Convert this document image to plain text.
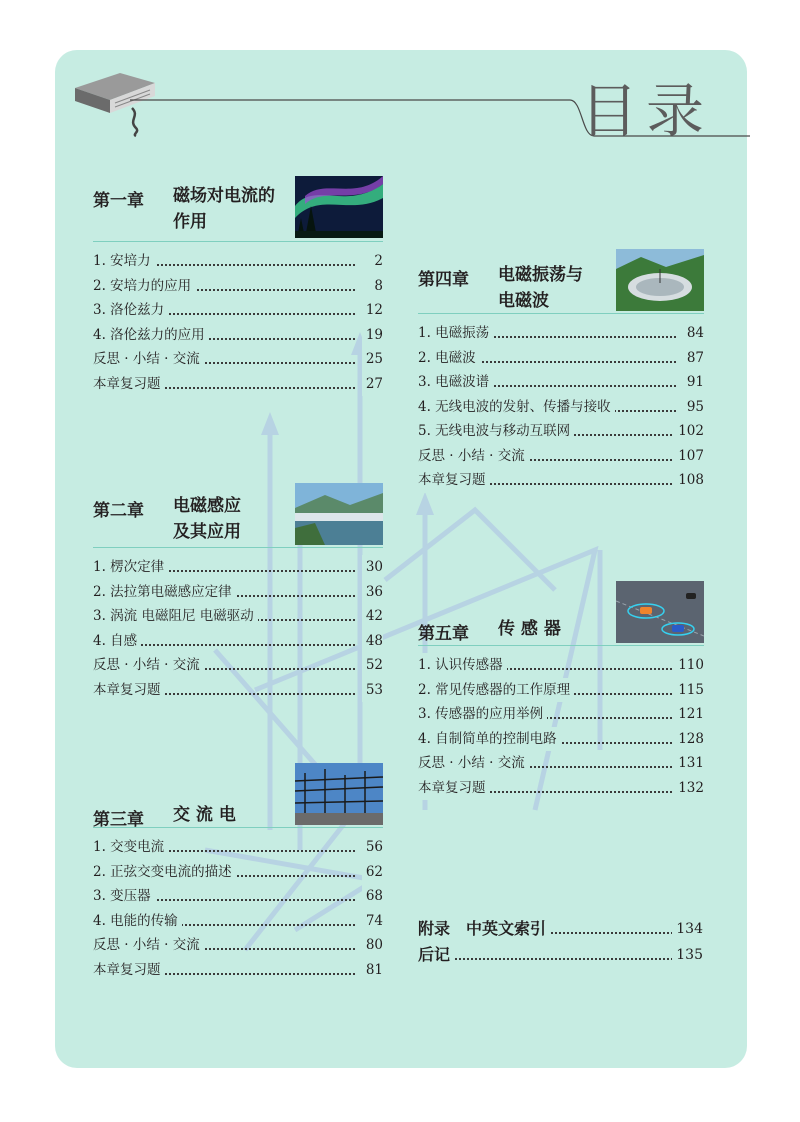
目录
第一章 磁场对电流的
作用
1. 安培力	2
2. 安培力的应用	8
3. 洛伦兹力	12
4. 洛伦兹力的应用	19
反思 · 小结 · 交流	25
本章复习题	27
第二章 电磁感应
及其应用
1. 楞次定律	30
2. 法拉第电磁感应定律	36
3. 涡流 电磁阻尼 电磁驱动	42
4. 自感	48
反思 · 小结 · 交流	52
本章复习题	53
第三章 交 流 电
1. 交变电流	56
2. 正弦交变电流的描述	62
3. 变压器	68
4. 电能的传输	74
反思 · 小结 · 交流	80
本章复习题	81
第四章 电磁振荡与
电磁波
1. 电磁振荡	84
2. 电磁波	87
3. 电磁波谱	91
4. 无线电波的发射、传播与接收	95
5. 无线电波与移动互联网	102
反思 · 小结 · 交流	107
本章复习题	108
第五章 传 感 器
1. 认识传感器	110
2. 常见传感器的工作原理	115
3. 传感器的应用举例	121
4. 自制简单的控制电路	128
反思 · 小结 · 交流	131
本章复习题	132
附录　中英文索引	134
后记	135
